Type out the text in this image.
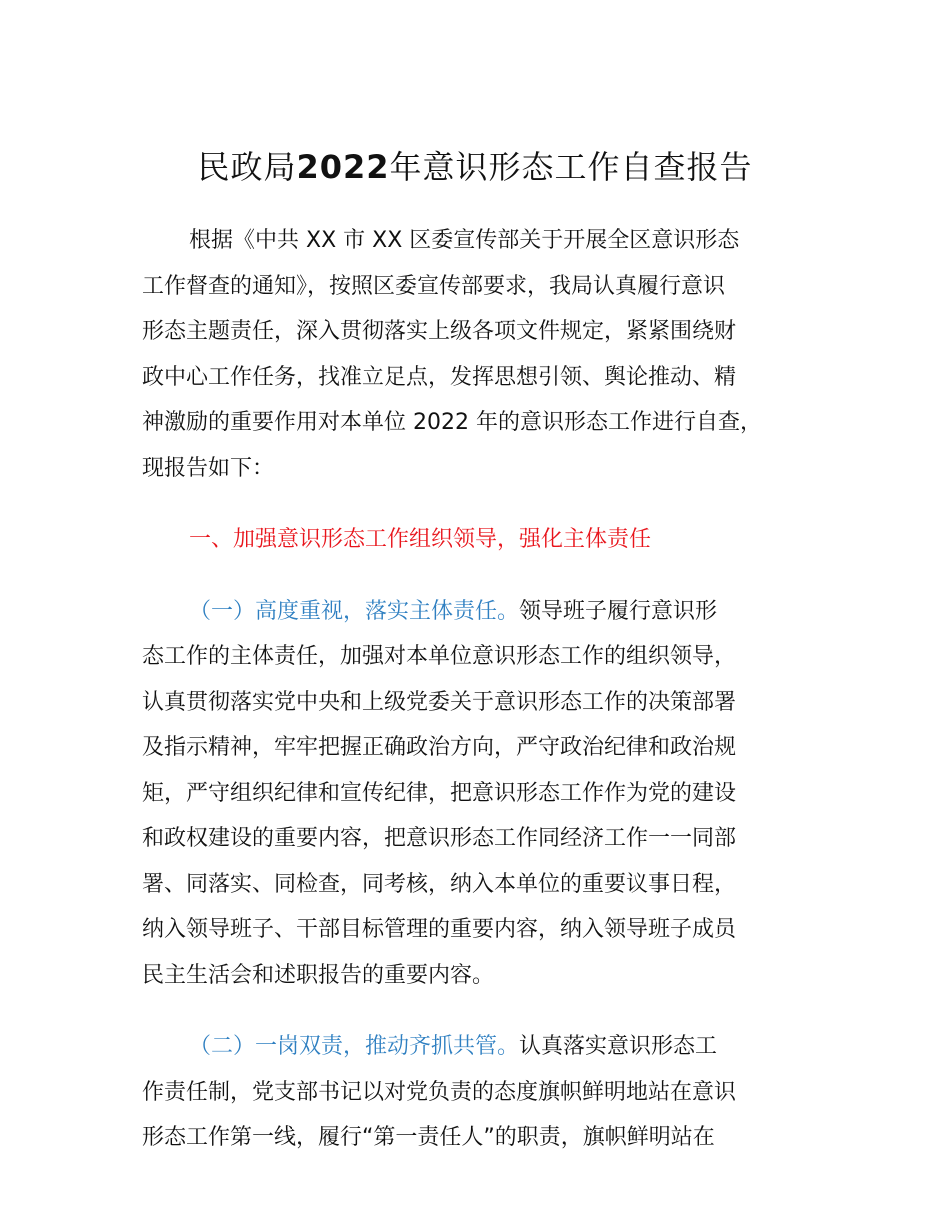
民政局2022年意识形态工作自查报告
根据《中共 XX 市 XX 区委宣传部关于开展全区意识形态
工作督查的通知》，按照区委宣传部要求，我局认真履行意识
形态主题责任，深入贯彻落实上级各项文件规定，紧紧围绕财
政中心工作任务，找准立足点，发挥思想引领、舆论推动、精
神激励的重要作用对本单位 2022 年的意识形态工作进行自查，
现报告如下：
一、加强意识形态工作组织领导，强化主体责任
（一）高度重视，落实主体责任。领导班子履行意识形
态工作的主体责任，加强对本单位意识形态工作的组织领导，
认真贯彻落实党中央和上级党委关于意识形态工作的决策部署
及指示精神，牢牢把握正确政治方向，严守政治纪律和政治规
矩，严守组织纪律和宣传纪律，把意识形态工作作为党的建设
和政权建设的重要内容，把意识形态工作同经济工作一一同部
署、同落实、同检查，同考核，纳入本单位的重要议事日程，
纳入领导班子、干部目标管理的重要内容，纳入领导班子成员
民主生活会和述职报告的重要内容。
（二）一岗双责，推动齐抓共管。认真落实意识形态工
作责任制，党支部书记以对党负责的态度旗帜鲜明地站在意识
形态工作第一线，履行“第一责任人”的职责，旗帜鲜明站在
